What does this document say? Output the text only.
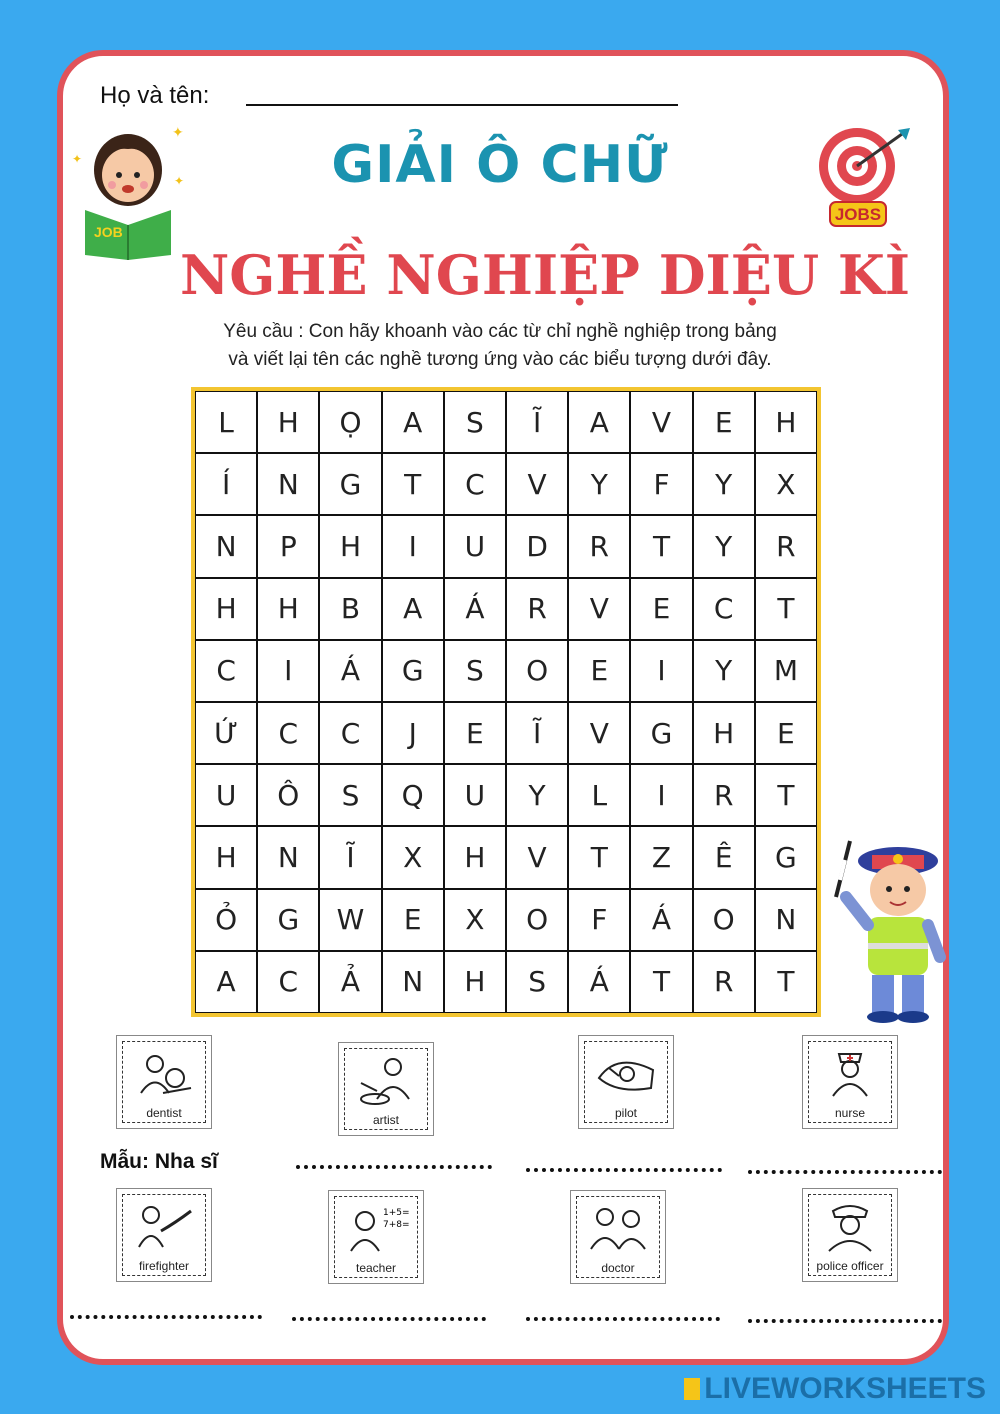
Họ và tên:
JOB
✦
✦
✦
JOBS
GIẢI Ô CHỮ
NGHỀ NGHIỆP DIỆU KÌ
Yêu cầu : Con hãy khoanh vào các từ chỉ nghề nghiệp trong bảng
và viết lại tên các nghề tương ứng vào các biểu tượng dưới đây.
L	H	Ọ	A	S	Ĩ	A	V	E	H
Í	N	G	T	C	V	Y	F	Y	X
N	P	H	I	U	D	R	T	Y	R
H	H	B	A	Á	R	V	E	C	T
C	I	Á	G	S	O	E	I	Y	M
Ứ	C	C	J	E	Ĩ	V	G	H	E
U	Ô	S	Q	U	Y	L	I	R	T
H	N	Ĩ	X	H	V	T	Z	Ê	G
Ỏ	G	W	E	X	O	F	Á	O	N
A	C	Ả	N	H	S	Á	T	R	T
dentist	artist	pilot	nurse
Mẫu: Nha sĩ
firefighter
1+5=
7+8=
teacher	doctor	police officer
LIVEWORKSHEETS
